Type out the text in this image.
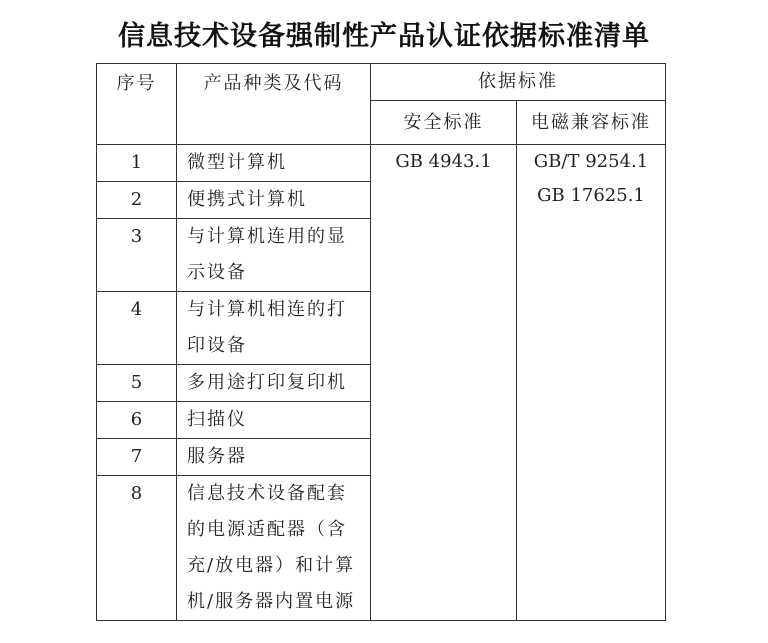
信息技术设备强制性产品认证依据标准清单
序号	产品种类及代码	依据标准	
		安全标准	电磁兼容标准
1	微型计算机	GB 4943.1	GB/T 9254.1
GB 17625.1

2	便携式计算机		

3	与计算机连用的显
示设备		

4	与计算机相连的打
印设备		

5	多用途打印复印机		

6	扫描仪		

7	服务器		

8	信息技术设备配套
的电源适配器（含
充/放电器）和计算
机/服务器内置电源		
